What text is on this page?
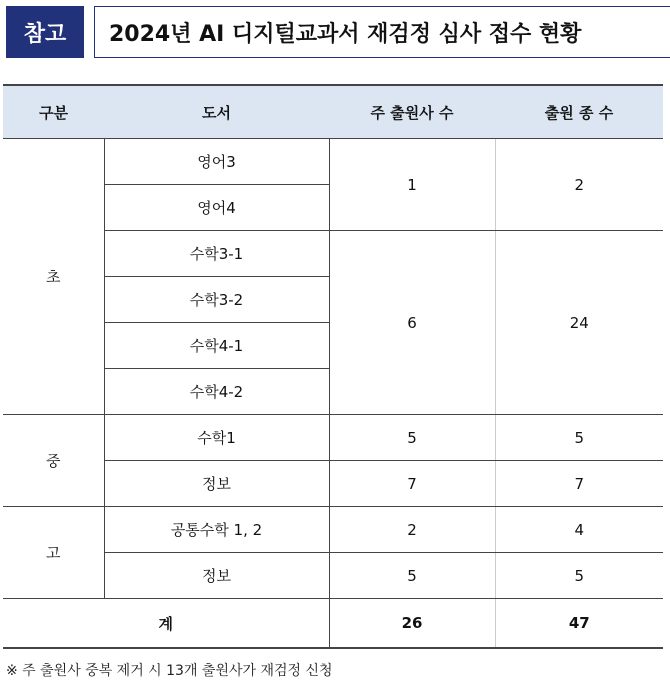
참고	2024년 AI 디지털교과서 재검정 심사 접수 현황
구분	도서	주 출원사 수	출원 종 수
초	영어3	1	2
	영어4		
	수학3-1	6	24
	수학3-2		
	수학4-1		
	수학4-2		
중	수학1	5	5
	정보	7	7
고	공통수학 1, 2	2	4
	정보	5	5
계		26	47
※ 주 출원사 중복 제거 시 13개 출원사가 재검정 신청
